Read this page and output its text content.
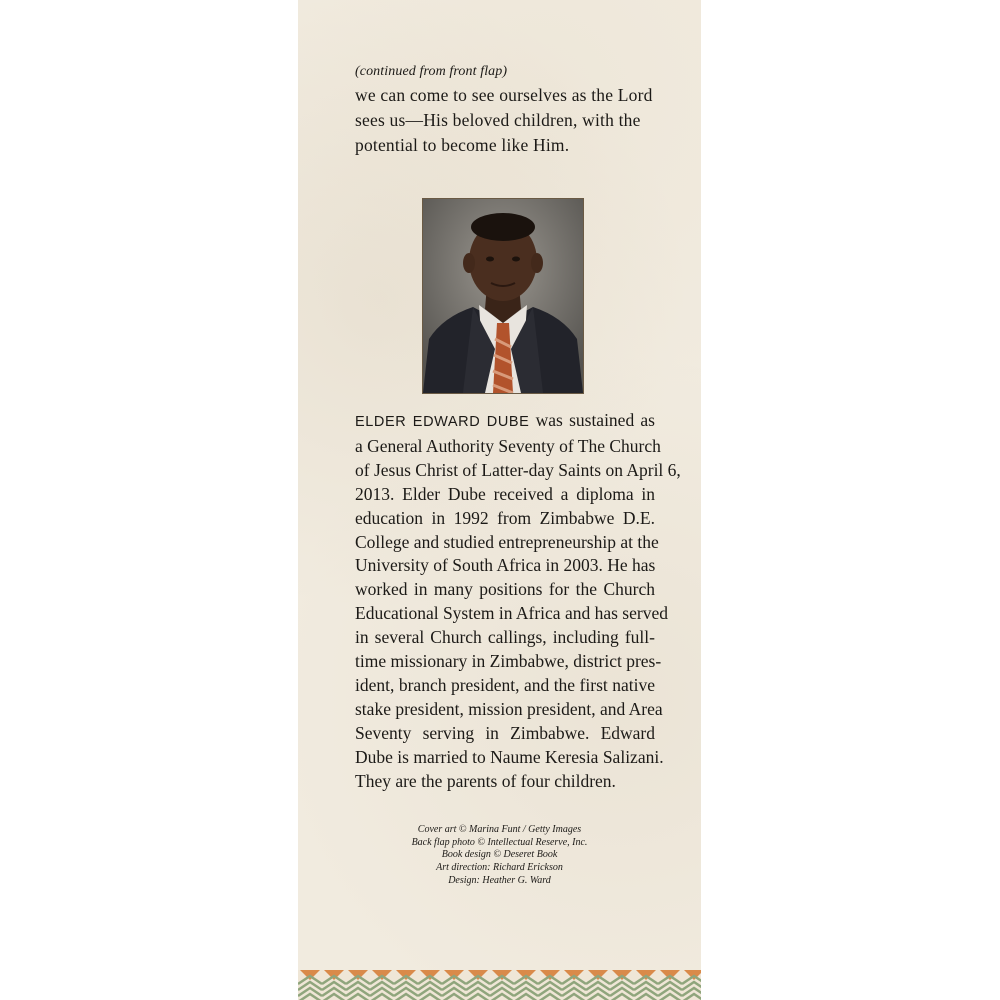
(continued from front flap)
we can come to see ourselves as the Lord
sees us—His beloved children, with the
potential to become like Him.
ELDER EDWARD DUBE was sustained as
a General Authority Seventy of The Church
of Jesus Christ of Latter-day Saints on April 6,
2013. Elder Dube received a diploma in
education in 1992 from Zimbabwe D.E.
College and studied entrepreneurship at the
University of South Africa in 2003. He has
worked in many positions for the Church
Educational System in Africa and has served
in several Church callings, including full-
time missionary in Zimbabwe, district pres-
ident, branch president, and the first native
stake president, mission president, and Area
Seventy serving in Zimbabwe. Edward
Dube is married to Naume Keresia Salizani.
They are the parents of four children.
Cover art © Marina Funt / Getty Images
Back flap photo © Intellectual Reserve, Inc.
Book design © Deseret Book
Art direction: Richard Erickson
Design: Heather G. Ward
